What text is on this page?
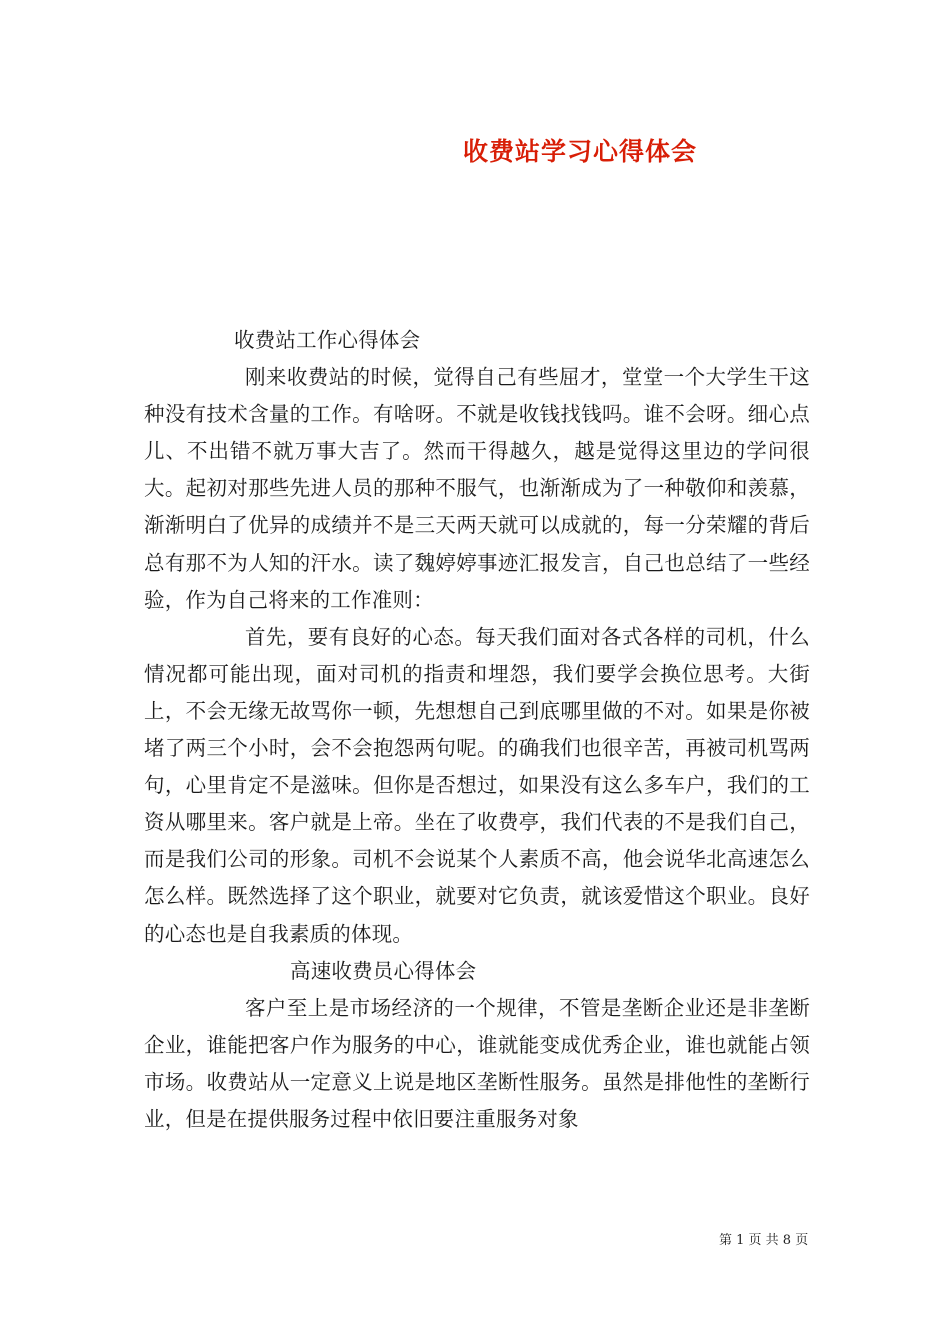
收费站学习心得体会

收费站工作心得体会

刚来收费站的时候，觉得自己有些屈才，堂堂一个大学生干这种没有技术含量的工作。有啥呀。不就是收钱找钱吗。谁不会呀。细心点儿、不出错不就万事大吉了。然而干得越久，越是觉得这里边的学问很大。起初对那些先进人员的那种不服气，也渐渐成为了一种敬仰和羡慕，渐渐明白了优异的成绩并不是三天两天就可以成就的，每一分荣耀的背后总有那不为人知的汗水。读了魏婷婷事迹汇报发言，自己也总结了一些经验，作为自己将来的工作准则：

首先，要有良好的心态。每天我们面对各式各样的司机，什么情况都可能出现，面对司机的指责和埋怨，我们要学会换位思考。大街上，不会无缘无故骂你一顿，先想想自己到底哪里做的不对。如果是你被堵了两三个小时，会不会抱怨两句呢。的确我们也很辛苦，再被司机骂两句，心里肯定不是滋味。但你是否想过，如果没有这么多车户，我们的工资从哪里来。客户就是上帝。坐在了收费亭，我们代表的不是我们自己，而是我们公司的形象。司机不会说某个人素质不高，他会说华北高速怎么怎么样。既然选择了这个职业，就要对它负责，就该爱惜这个职业。良好的心态也是自我素质的体现。

高速收费员心得体会

客户至上是市场经济的一个规律，不管是垄断企业还是非垄断企业，谁能把客户作为服务的中心，谁就能变成优秀企业，谁也就能占领市场。收费站从一定意义上说是地区垄断性服务。虽然是排他性的垄断行业，但是在提供服务过程中依旧要注重服务对象

第 1 页 共 8 页
